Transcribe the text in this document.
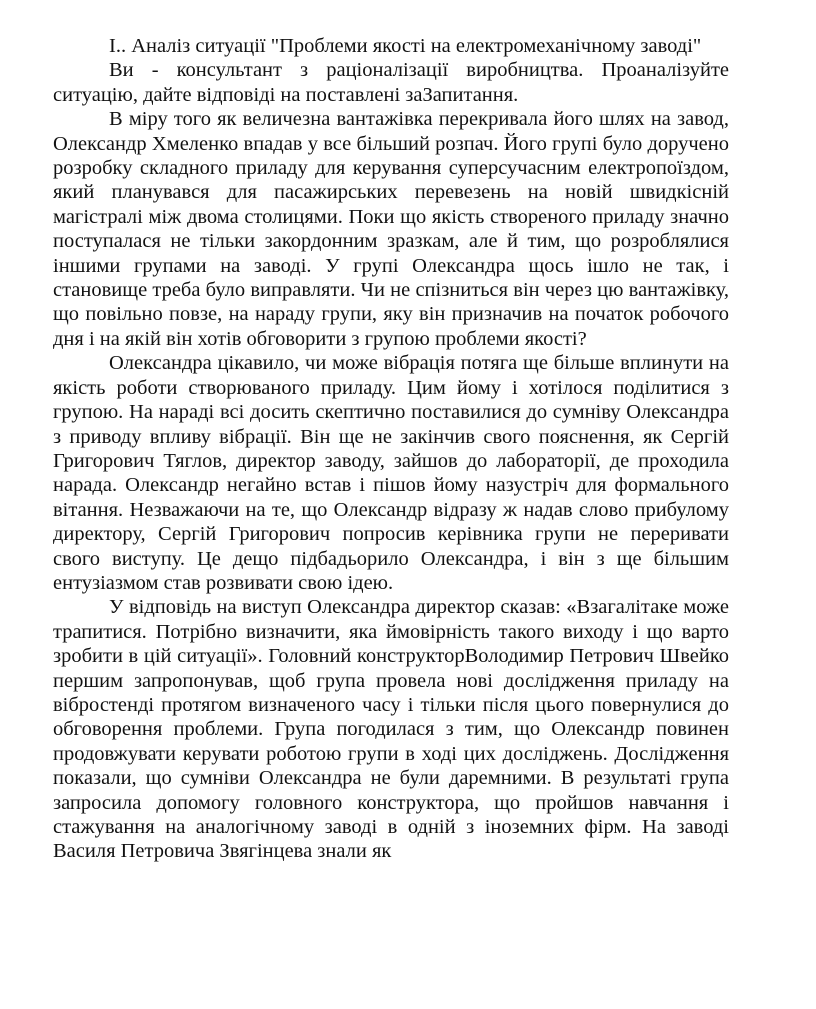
І.. Аналіз ситуації "Проблеми якості на електромеханічному заводі"

Ви - консультант з раціоналізації виробництва. Проаналізуйте ситуацію, дайте відповіді на поставлені заЗапитання.

В міру того як величезна вантажівка перекривала його шлях на завод, Олександр Хмеленко впадав у все більший розпач. Його групі було доручено розробку складного приладу для керування суперсучасним електропоїздом, який планувався для пасажирських перевезень на новій швидкісній магістралі між двома столицями. Поки що якість створеного приладу значно поступалася не тільки закордонним зразкам, але й тим, що розроблялися іншими групами на заводі. У групі Олександра щось ішло не так, і становище треба було виправляти. Чи не спізниться він через цю вантажівку, що повільно повзе, на нараду групи, яку він призначив на початок робочого дня і на якій він хотів обговорити з групою проблеми якості?

Олександра цікавило, чи може вібрація потяга ще більше вплинути на якість роботи створюваного приладу. Цим йому і хотілося поділитися з групою. На нараді всі досить скептично поставилися до сумніву Олександра з приводу впливу вібрації. Він ще не закінчив свого пояснення, як Сергій Григорович Тяглов, директор заводу, зайшов до лабораторії, де проходила нарада. Олександр негайно встав і пішов йому назустріч для формального вітання. Незважаючи на те, що Олександр відразу ж надав слово прибулому директору, Сергій Григорович попросив керівника групи не переривати свого виступу. Це дещо підбадьорило Олександра, і він з ще більшим ентузіазмом став розвивати свою ідею.

У відповідь на виступ Олександра директор сказав: «Взагалітаке може трапитися. Потрібно визначити, яка ймовірність такого виходу і що варто зробити в цій ситуації». Головний конструкторВолодимир Петрович Швейко першим запропонував, щоб група провела нові дослідження приладу на вібростенді протягом визначеного часу і тільки після цього повернулися до обговорення проблеми. Група погодилася з тим, що Олександр повинен продовжувати керувати роботою групи в ході цих досліджень. Дослідження показали, що сумніви Олександра не були даремними. В результаті група запросила допомогу головного конструктора, що пройшов навчання і стажування на аналогічному заводі в одній з іноземних фірм. На заводі Василя Петровича Звягінцева знали як
